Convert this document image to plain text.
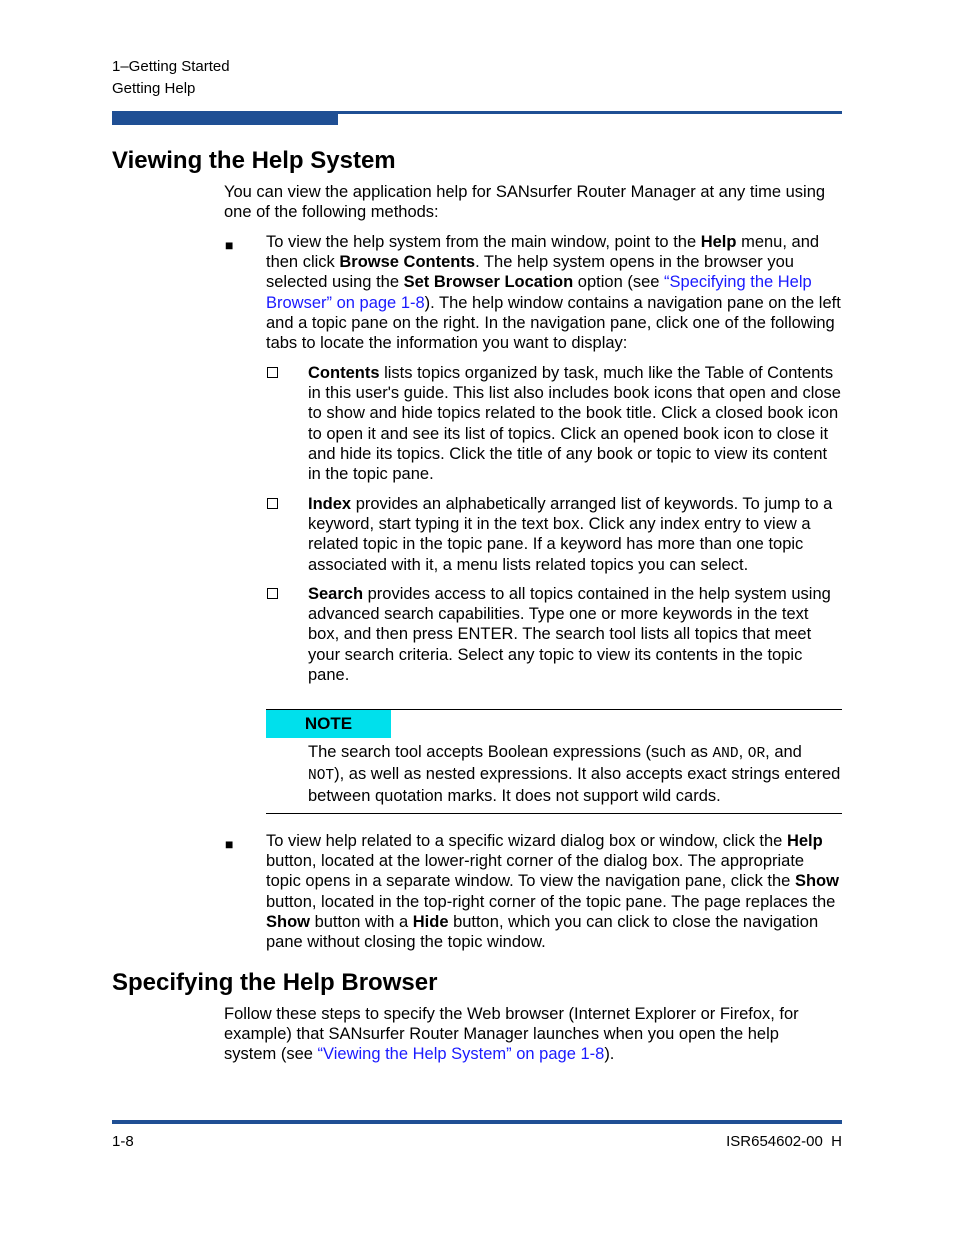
1–Getting Started
Getting Help
Viewing the Help System
You can view the application help for SANsurfer Router Manager at any time using one of the following methods:
■ To view the help system from the main window, point to the Help menu, and then click Browse Contents. The help system opens in the browser you selected using the Set Browser Location option (see “Specifying the Help Browser” on page 1-8). The help window contains a navigation pane on the left and a topic pane on the right. In the navigation pane, click one of the following tabs to locate the information you want to display:
Contents lists topics organized by task, much like the Table of Contents in this user's guide. This list also includes book icons that open and close to show and hide topics related to the book title. Click a closed book icon to open it and see its list of topics. Click an opened book icon to close it and hide its topics. Click the title of any book or topic to view its content in the topic pane.
Index provides an alphabetically arranged list of keywords. To jump to a keyword, start typing it in the text box. Click any index entry to view a related topic in the topic pane. If a keyword has more than one topic associated with it, a menu lists related topics you can select.
Search provides access to all topics contained in the help system using advanced search capabilities. Type one or more keywords in the text box, and then press ENTER. The search tool lists all topics that meet your search criteria. Select any topic to view its contents in the topic pane.
NOTE
The search tool accepts Boolean expressions (such as AND, OR, and NOT), as well as nested expressions. It also accepts exact strings entered between quotation marks. It does not support wild cards.
■ To view help related to a specific wizard dialog box or window, click the Help button, located at the lower-right corner of the dialog box. The appropriate topic opens in a separate window. To view the navigation pane, click the Show button, located in the top-right corner of the topic pane. The page replaces the Show button with a Hide button, which you can click to close the navigation pane without closing the topic window.
Specifying the Help Browser
Follow these steps to specify the Web browser (Internet Explorer or Firefox, for example) that SANsurfer Router Manager launches when you open the help system (see “Viewing the Help System” on page 1-8).
1-8	ISR654602-00  H
